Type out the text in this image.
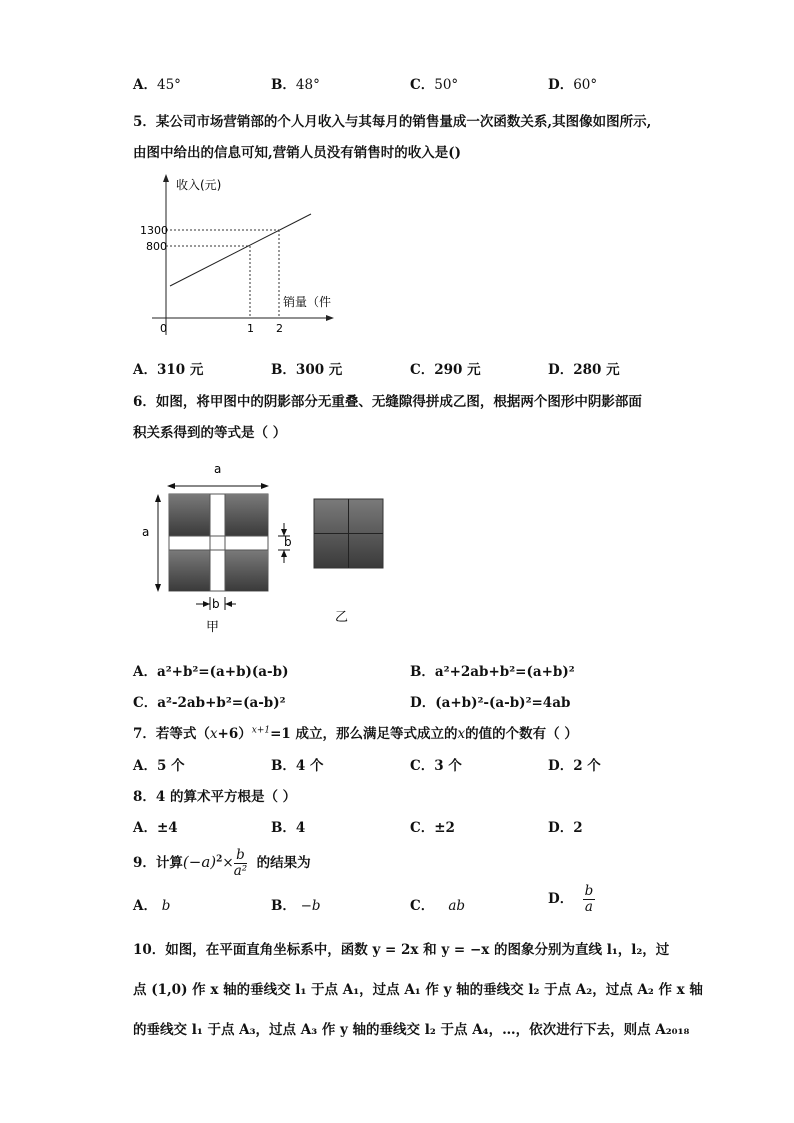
A．45°	B．48°	C．50°	D．60°
5．某公司市场营销部的个人月收入与其每月的销售量成一次函数关系,其图像如图所示,
由图中给出的信息可知,营销人员没有销售时的收入是()
收入(元)
销量（件
1300
800
0	1 2
A．310 元	B．300 元	C．290 元	D．280 元
6．如图，将甲图中的阴影部分无重叠、无缝隙得拼成乙图，根据两个图形中阴影部面
积关系得到的等式是（ ）
a
a
b
b
甲
乙
A．a²+b²=(a+b)(a-b)	B．a²+2ab+b²=(a+b)²
C．a²-2ab+b²=(a-b)²	D．(a+b)²-(a-b)²=4ab
7．若等式$(x+6)^{x+1}=1$ 成立，那么满足等式成立的x的值的个数有（ ）
A．5 个	B．4 个	C．3 个	D．2 个
8．4 的算术平方根是（ ）
A．±4	B．4	C．±2	D．2
9．计算$(-a)^2\times \frac{b}{\text{a²}}$ 的结果为
A． b	B． −b	C． ab	D． $\frac{b}{a}$
10．如图，在平面直角坐标系中，函数 y = 2x 和 y = −x 的图象分别为直线 l₁，l₂，过
点 (1,0) 作 x 轴的垂线交 l₁ 于点 A₁，过点 A₁ 作 y 轴的垂线交 l₂ 于点 A₂，过点 A₂ 作 x 轴
的垂线交 l₁ 于点 A₃，过点 A₃ 作 y 轴的垂线交 l₂ 于点 A₄，…，依次进行下去，则点 A₂₀₁₈
